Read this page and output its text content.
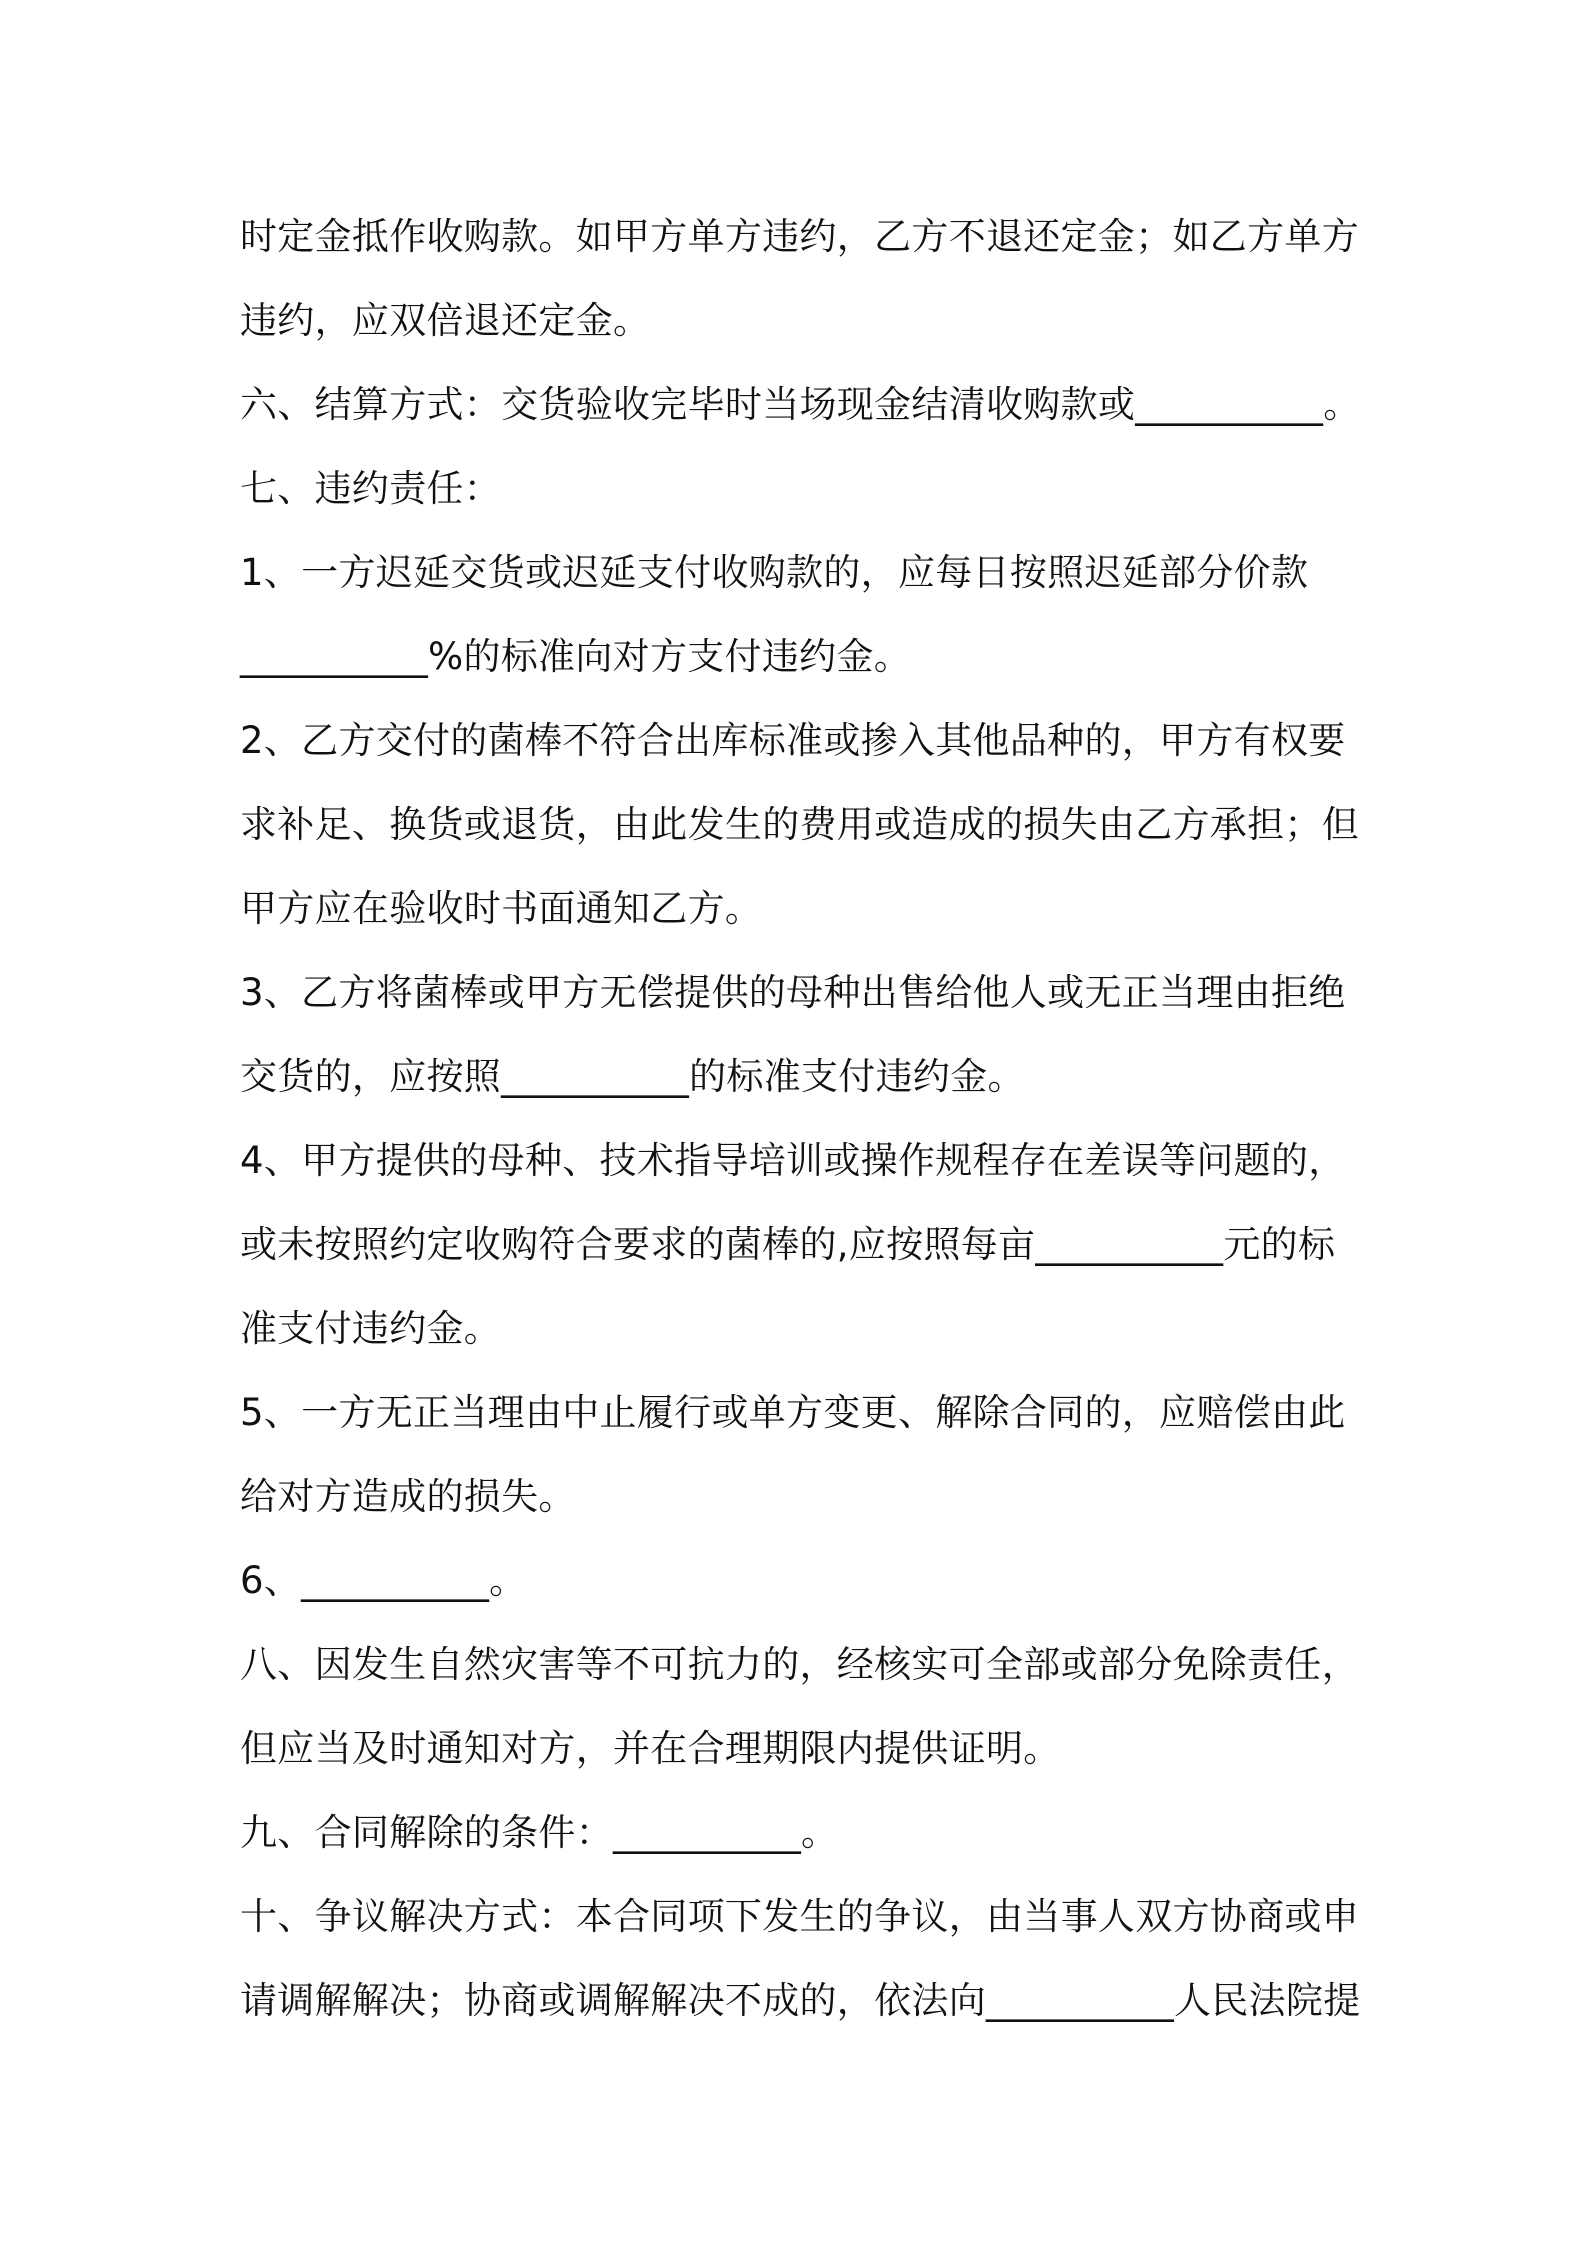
时定金抵作收购款。如甲方单方违约，乙方不退还定金；如乙方单方
违约，应双倍退还定金。
六、结算方式：交货验收完毕时当场现金结清收购款或__________。
七、违约责任：
1、一方迟延交货或迟延支付收购款的，应每日按照迟延部分价款
__________%的标准向对方支付违约金。
2、乙方交付的菌棒不符合出库标准或掺入其他品种的，甲方有权要
求补足、换货或退货，由此发生的费用或造成的损失由乙方承担；但
甲方应在验收时书面通知乙方。
3、乙方将菌棒或甲方无偿提供的母种出售给他人或无正当理由拒绝
交货的，应按照__________的标准支付违约金。
4、甲方提供的母种、技术指导培训或操作规程存在差误等问题的，
或未按照约定收购符合要求的菌棒的,应按照每亩__________元的标
准支付违约金。
5、一方无正当理由中止履行或单方变更、解除合同的，应赔偿由此
给对方造成的损失。
6、__________。
八、因发生自然灾害等不可抗力的，经核实可全部或部分免除责任，
但应当及时通知对方，并在合理期限内提供证明。
九、合同解除的条件：__________。
十、争议解决方式：本合同项下发生的争议，由当事人双方协商或申
请调解解决；协商或调解解决不成的，依法向__________人民法院提
